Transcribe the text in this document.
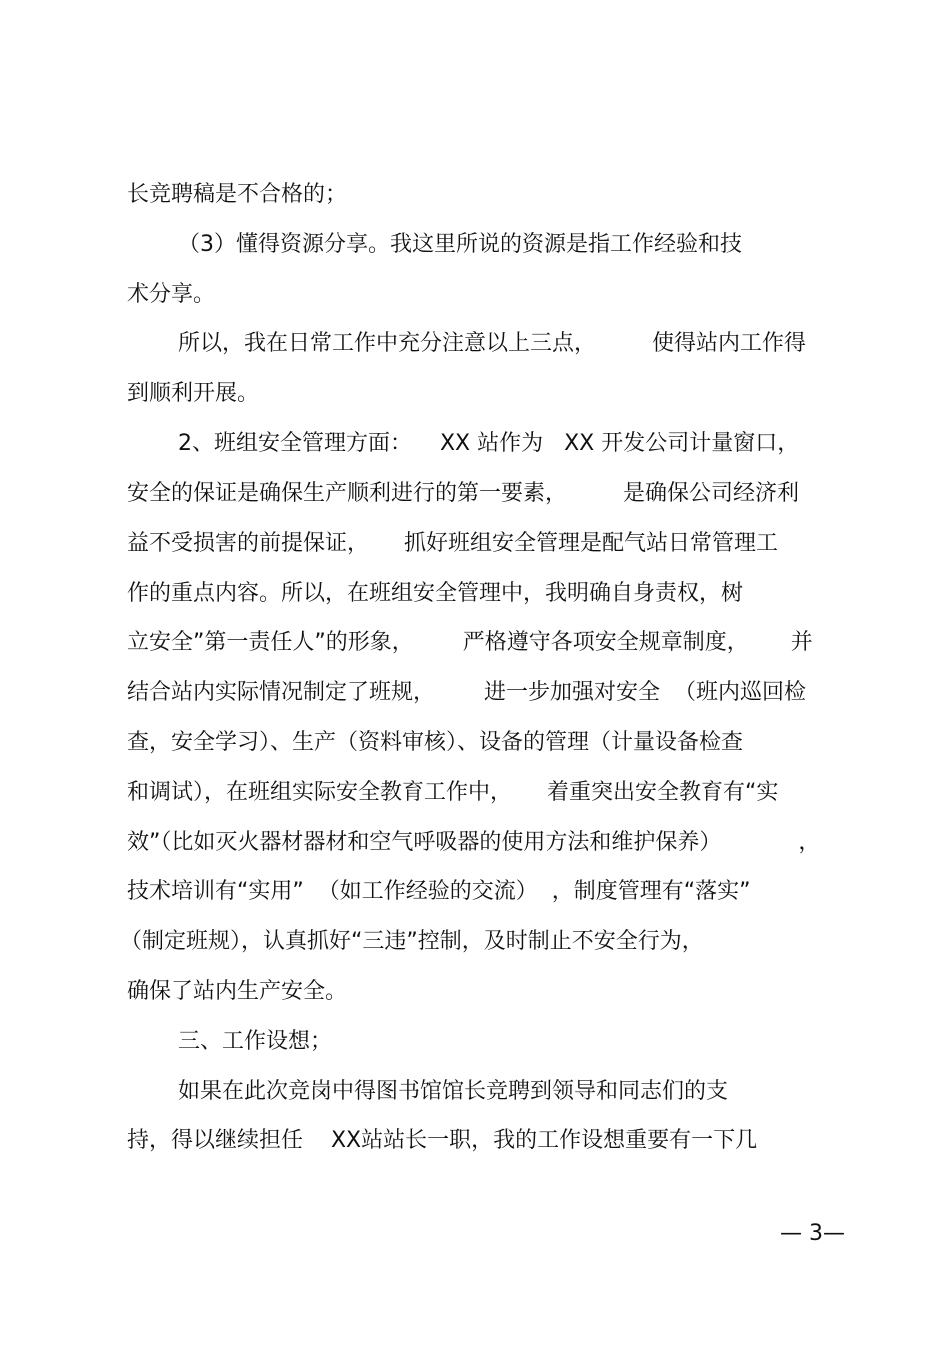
长竞聘稿是不合格的；
（3）懂得资源分享。我这里所说的资源是指工作经验和技
术分享。
所以，我在日常工作中充分注意以上三点，        使得站内工作得
到顺利开展。
2、班组安全管理方面：    XX 站作为   XX 开发公司计量窗口，
安全的保证是确保生产顺利进行的第一要素，        是确保公司经济利
益不受损害的前提保证，     抓好班组安全管理是配气站日常管理工
作的重点内容。所以，在班组安全管理中，我明确自身责权，树
立安全”第一责任人”的形象，       严格遵守各项安全规章制度，      并
结合站内实际情况制定了班规，       进一步加强对安全  （班内巡回检
查，安全学习）、生产（资料审核）、设备的管理（计量设备检查
和调试），在班组实际安全教育工作中，     着重突出安全教育有“实
效”（比如灭火器材器材和空气呼吸器的使用方法和维护保养）           ，
技术培训有“实用”  （如工作经验的交流）  ，制度管理有“落实”
（制定班规），认真抓好“三违”控制，及时制止不安全行为，
确保了站内生产安全。
三、工作设想；
如果在此次竞岗中得图书馆馆长竞聘到领导和同志们的支
持，得以继续担任    XX站站长一职，我的工作设想重要有一下几
— 3—
